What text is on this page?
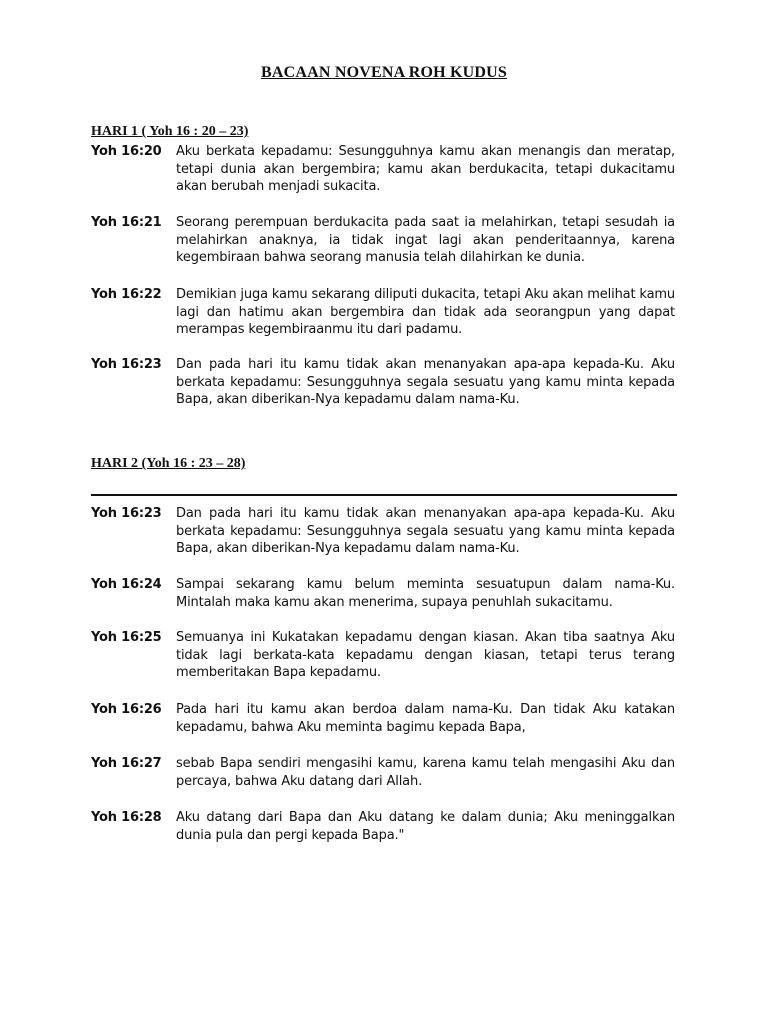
BACAAN NOVENA ROH KUDUS
HARI 1 ( Yoh 16 : 20 – 23)
Yoh 16:20	Aku berkata kepadamu: Sesungguhnya kamu akan menangis dan meratap, tetapi dunia akan bergembira; kamu akan berdukacita, tetapi dukacitamu akan berubah menjadi sukacita.
Yoh 16:21	Seorang perempuan berdukacita pada saat ia melahirkan, tetapi sesudah ia melahirkan anaknya, ia tidak ingat lagi akan penderitaannya, karena kegembiraan bahwa seorang manusia telah dilahirkan ke dunia.
Yoh 16:22	Demikian juga kamu sekarang diliputi dukacita, tetapi Aku akan melihat kamu lagi dan hatimu akan bergembira dan tidak ada seorangpun yang dapat merampas kegembiraanmu itu dari padamu.
Yoh 16:23	Dan pada hari itu kamu tidak akan menanyakan apa-apa kepada-Ku. Aku berkata kepadamu: Sesungguhnya segala sesuatu yang kamu minta kepada Bapa, akan diberikan-Nya kepadamu dalam nama-Ku.
HARI 2 (Yoh 16 : 23 – 28)
Yoh 16:23	Dan pada hari itu kamu tidak akan menanyakan apa-apa kepada-Ku. Aku berkata kepadamu: Sesungguhnya segala sesuatu yang kamu minta kepada Bapa, akan diberikan-Nya kepadamu dalam nama-Ku.
Yoh 16:24	Sampai sekarang kamu belum meminta sesuatupun dalam nama-Ku. Mintalah maka kamu akan menerima, supaya penuhlah sukacitamu.
Yoh 16:25	Semuanya ini Kukatakan kepadamu dengan kiasan. Akan tiba saatnya Aku tidak lagi berkata-kata kepadamu dengan kiasan, tetapi terus terang memberitakan Bapa kepadamu.
Yoh 16:26	Pada hari itu kamu akan berdoa dalam nama-Ku. Dan tidak Aku katakan kepadamu, bahwa Aku meminta bagimu kepada Bapa,
Yoh 16:27	sebab Bapa sendiri mengasihi kamu, karena kamu telah mengasihi Aku dan percaya, bahwa Aku datang dari Allah.
Yoh 16:28	Aku datang dari Bapa dan Aku datang ke dalam dunia; Aku meninggalkan dunia pula dan pergi kepada Bapa."
